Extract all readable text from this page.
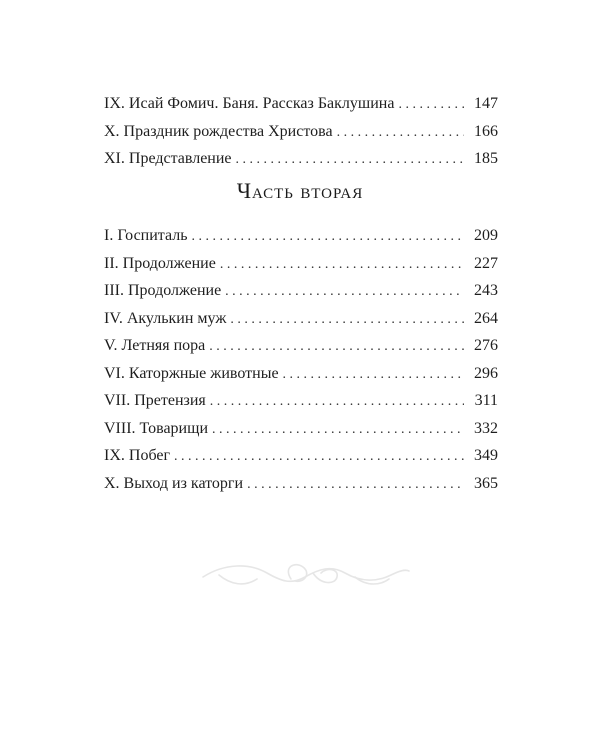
IX. Исай Фомич. Баня. Рассказ Баклушина . . .	147
X. Праздник рождества Христова . . .	166
XI. Представление . . .	185
Часть вторая
I. Госпиталь . . .	209
II. Продолжение . . .	227
III. Продолжение . . .	243
IV. Акулькин муж . . .	264
V. Летняя пора . . .	276
VI. Каторжные животные . . .	296
VII. Претензия . . .	311
VIII. Товарищи . . .	332
IX. Побег . . .	349
X. Выход из каторги . . .	365
